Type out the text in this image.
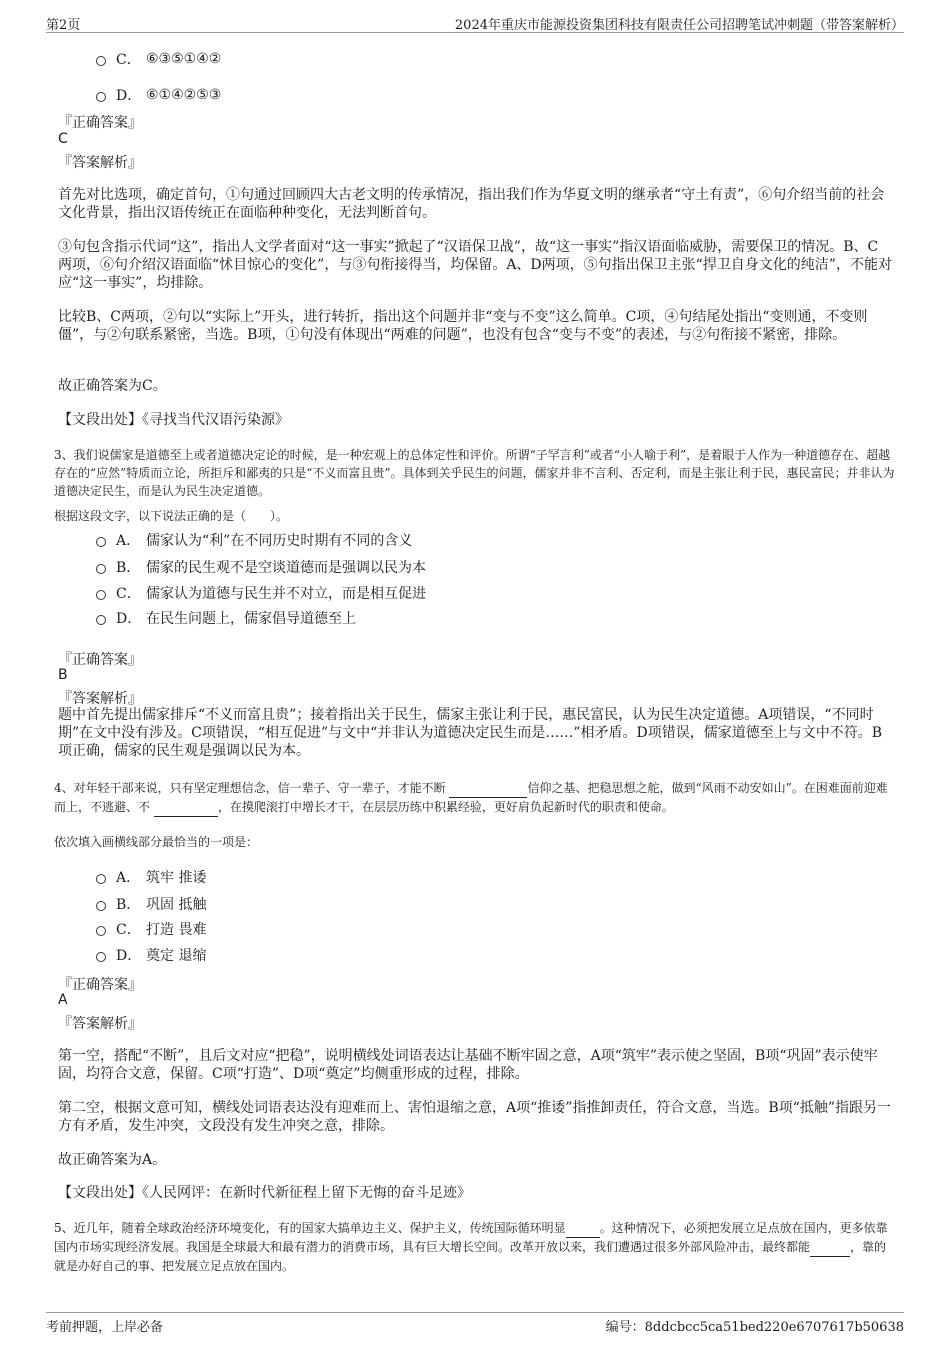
第2页	2024年重庆市能源投资集团科技有限责任公司招聘笔试冲刺题（带答案解析）
C． ⑥③⑤①④②
D． ⑥①④②⑤③
『正确答案』
C
『答案解析』
首先对比选项，确定首句，①句通过回顾四大古老文明的传承情况，指出我们作为华夏文明的继承者“守土有责”，⑥句介绍当前的社会文化背景，指出汉语传统正在面临种种变化，无法判断首句。
③句包含指示代词“这”，指出人文学者面对“这一事实”掀起了“汉语保卫战”，故“这一事实”指汉语面临威胁，需要保卫的情况。B、C两项，⑥句介绍汉语面临“怵目惊心的变化”，与③句衔接得当，均保留。A、D两项，⑤句指出保卫主张“捍卫自身文化的纯洁”，不能对应“这一事实”，均排除。
比较B、C两项，②句以“实际上”开头，进行转折，指出这个问题并非“变与不变”这么简单。C项，④句结尾处指出“变则通，不变则僵”，与②句联系紧密，当选。B项，①句没有体现出“两难的问题”，也没有包含“变与不变”的表述，与②句衔接不紧密，排除。
故正确答案为C。
【文段出处】《寻找当代汉语污染源》
3、我们说儒家是道德至上或者道德决定论的时候，是一种宏观上的总体定性和评价。所谓“子罕言利”或者“小人喻于利”，是着眼于人作为一种道德存在、超越存在的“应然”特质而立论，所拒斥和鄙夷的只是“不义而富且贵”。具体到关乎民生的问题，儒家并非不言利、否定利，而是主张让利于民，惠民富民；并非认为道德决定民生，而是认为民生决定道德。
根据这段文字，以下说法正确的是（　　）。
A． 儒家认为“利”在不同历史时期有不同的含义
B． 儒家的民生观不是空谈道德而是强调以民为本
C． 儒家认为道德与民生并不对立，而是相互促进
D． 在民生问题上，儒家倡导道德至上
『正确答案』
B
『答案解析』
题中首先提出儒家排斥“不义而富且贵”；接着指出关于民生，儒家主张让利于民，惠民富民，认为民生决定道德。A项错误，“不同时期”在文中没有涉及。C项错误，“相互促进”与文中“并非认为道德决定民生而是……”相矛盾。D项错误，儒家道德至上与文中不符。B项正确，儒家的民生观是强调以民为本。
4、对年轻干部来说，只有坚定理想信念，信一辈子、守一辈子，才能不断	信仰之基、把稳思想之舵，做到“风雨不动安如山”。在困难面前迎难而上，不逃避、不	，在摸爬滚打中增长才干，在层层历练中积累经验，更好肩负起新时代的职责和使命。
依次填入画横线部分最恰当的一项是：
A． 筑牢 推诿
B． 巩固 抵触
C． 打造 畏难
D． 奠定 退缩
『正确答案』
A
『答案解析』
第一空，搭配“不断”，且后文对应“把稳”，说明横线处词语表达让基础不断牢固之意，A项“筑牢”表示使之坚固，B项“巩固”表示使牢固，均符合文意，保留。C项“打造”、D项“奠定”均侧重形成的过程，排除。
第二空，根据文意可知，横线处词语表达没有迎难而上、害怕退缩之意，A项“推诿”指推卸责任，符合文意，当选。B项“抵触”指跟另一方有矛盾，发生冲突，文段没有发生冲突之意，排除。
故正确答案为A。
【文段出处】《人民网评：在新时代新征程上留下无悔的奋斗足迹》
5、近几年，随着全球政治经济环境变化，有的国家大搞单边主义、保护主义，传统国际循环明显	。这种情况下，必须把发展立足点放在国内，更多依靠国内市场实现经济发展。我国是全球最大和最有潜力的消费市场，具有巨大增长空间。改革开放以来，我们遭遇过很多外部风险冲击，最终都能	，靠的就是办好自己的事、把发展立足点放在国内。
考前押题，上岸必备	编号：8ddcbcc5ca51bed220e6707617b50638
